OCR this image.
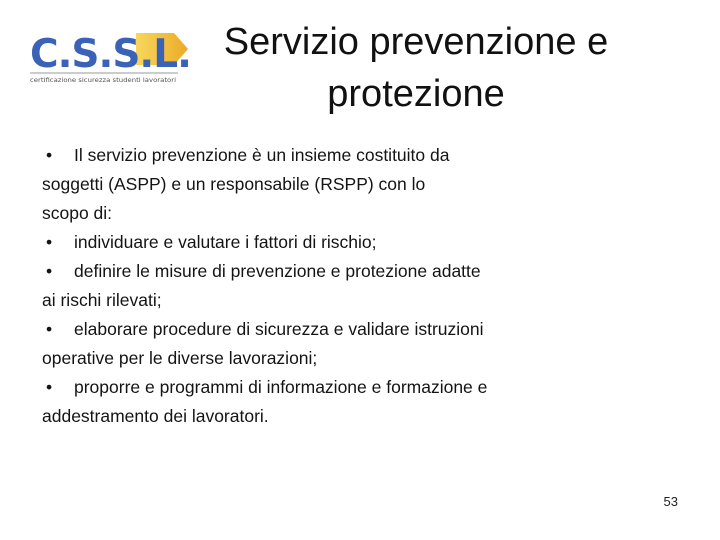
C.S.S.L.
certificazione sicurezza studenti lavoratori
Servizio prevenzione e
protezione
• Il servizio prevenzione è un insieme costituito da
soggetti (ASPP) e un responsabile (RSPP) con lo
scopo di:
• individuare e valutare i fattori di rischio;
• definire le misure di prevenzione e protezione adatte
ai rischi rilevati;
• elaborare procedure di sicurezza e validare istruzioni
operative per le diverse lavorazioni;
• proporre e programmi di informazione e formazione e
addestramento dei lavoratori.
53
